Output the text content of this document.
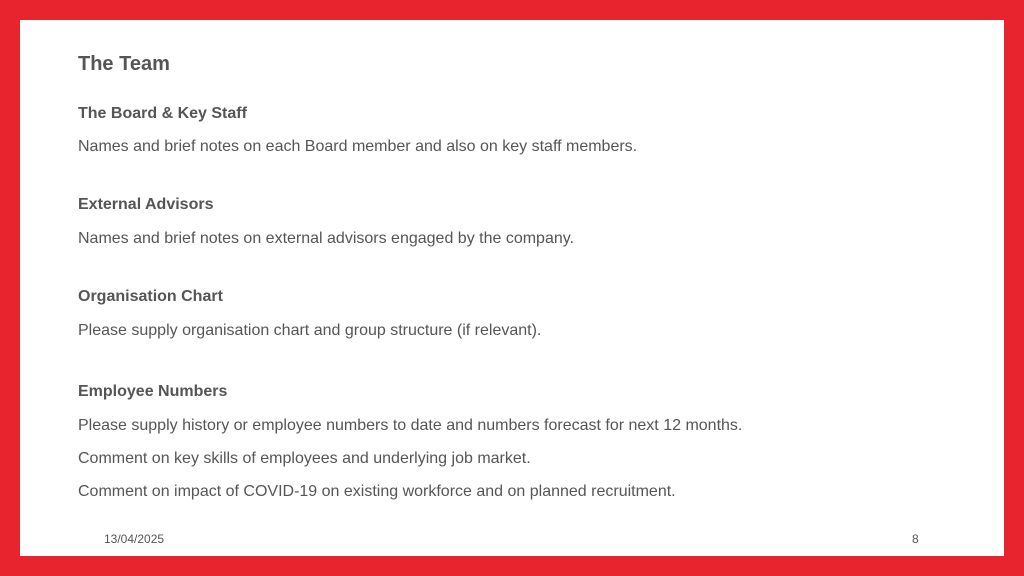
The Team
The Board & Key Staff

Names and brief notes on each Board member and also on key staff members.

External Advisors

Names and brief notes on external advisors engaged by the company.

Organisation Chart

Please supply organisation chart and group structure (if relevant).

Employee Numbers

Please supply history or employee numbers to date and numbers forecast for next 12 months.

Comment on key skills of employees and underlying job market.

Comment on impact of COVID-19 on existing workforce and on planned recruitment.

13/04/2025	8
